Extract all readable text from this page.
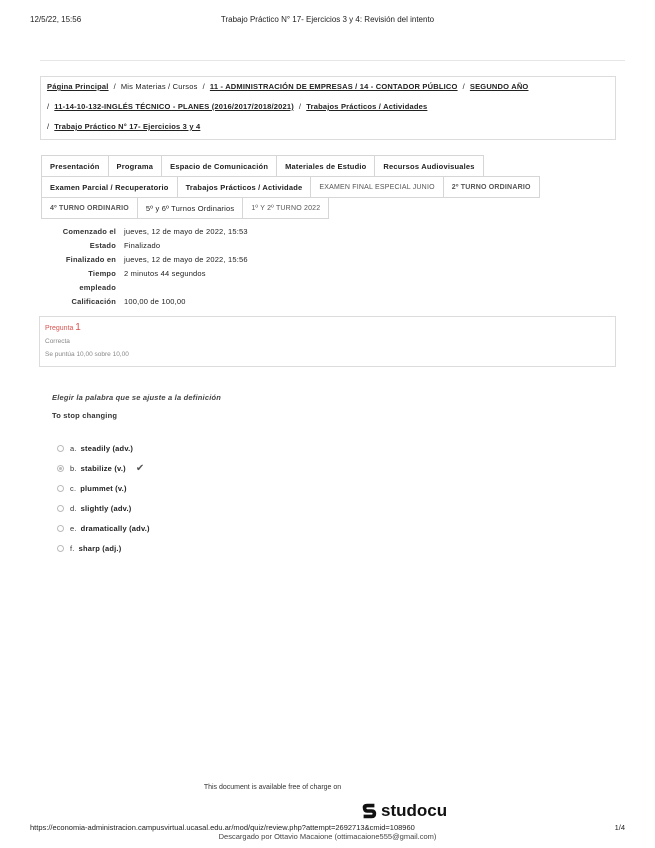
12/5/22, 15:56	Trabajo Práctico N° 17- Ejercicios 3 y 4: Revisión del intento
Página Principal / Mis Materias / Cursos / 11 - ADMINISTRACIÓN DE EMPRESAS / 14 - CONTADOR PÚBLICO / SEGUNDO AÑO
/ 11-14-10-132-INGLÉS TÉCNICO - PLANES (2016/2017/2018/2021) / Trabajos Prácticos / Actividades
/ Trabajo Práctico N° 17- Ejercicios 3 y 4
Presentación	Programa	Espacio de Comunicación	Materiales de Estudio	Recursos Audiovisuales
Examen Parcial / Recuperatorio	Trabajos Prácticos / Actividade	EXAMEN FINAL ESPECIAL JUNIO	2º TURNO ORDINARIO
4º TURNO ORDINARIO	5º y 6º Turnos Ordinarios	1º Y 2º TURNO 2022
Comenzado el	jueves, 12 de mayo de 2022, 15:53
Estado	Finalizado
Finalizado en	jueves, 12 de mayo de 2022, 15:56
Tiempo	2 minutos 44 segundos
empleado
Calificación	100,00 de 100,00
Pregunta 1
Correcta
Se puntúa 10,00 sobre 10,00
Elegir la palabra que se ajuste a la definición
To stop changing
a. steadily (adv.)
b. stabilize (v.) ✔
c. plummet (v.)
d. slightly (adv.)
e. dramatically (adv.)
f. sharp (adj.)
This document is available free of charge on
studocu
https://economia-administracion.campusvirtual.ucasal.edu.ar/mod/quiz/review.php?attempt=2692713&cmid=108960	1/4
Descargado por Ottavio Macaione (ottimacaione555@gmail.com)
